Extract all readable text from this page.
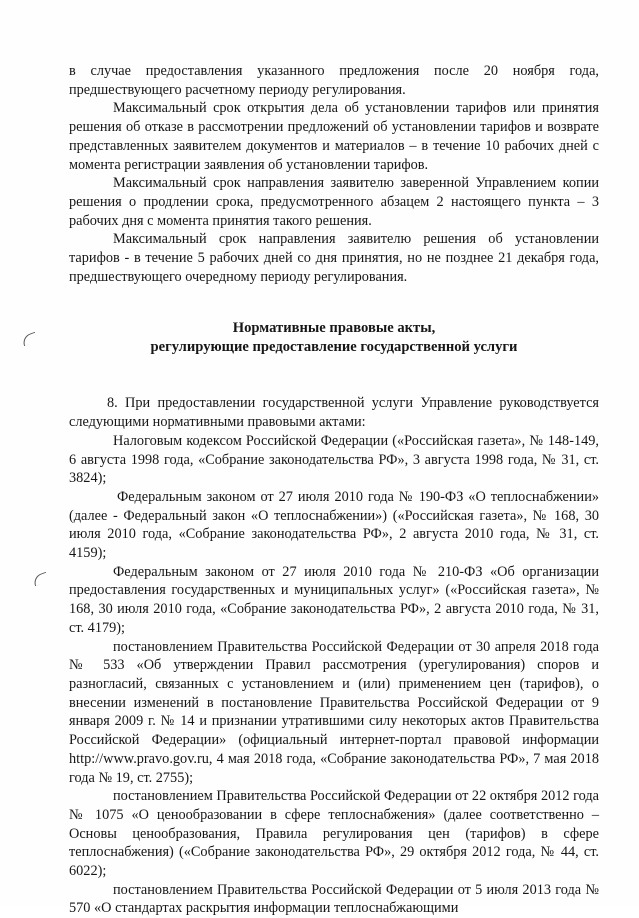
в случае предоставления указанного предложения после 20 ноября года, предшествующего расчетному периоду регулирования.

Максимальный срок открытия дела об установлении тарифов или принятия решения об отказе в рассмотрении предложений об установлении тарифов и возврате представленных заявителем документов и материалов – в течение 10 рабочих дней с момента регистрации заявления об установлении тарифов.

Максимальный срок направления заявителю заверенной Управлением копии решения о продлении срока, предусмотренного абзацем 2 настоящего пункта – 3 рабочих дня с момента принятия такого решения.

Максимальный срок направления заявителю решения об установлении тарифов - в течение 5 рабочих дней со дня принятия, но не позднее 21 декабря года, предшествующего очередному периоду регулирования.

Нормативные правовые акты,
регулирующие предоставление государственной услуги

8. При предоставлении государственной услуги Управление руководствуется следующими нормативными правовыми актами:

Налоговым кодексом Российской Федерации («Российская газета», № 148-149, 6 августа 1998 года, «Собрание законодательства РФ», 3 августа 1998 года, № 31, ст. 3824);

Федеральным законом от 27 июля 2010 года № 190-ФЗ «О теплоснабжении» (далее - Федеральный закон «О теплоснабжении») («Российская газета», № 168, 30 июля 2010 года, «Собрание законодательства РФ», 2 августа 2010 года, № 31, ст. 4159);

Федеральным законом от 27 июля 2010 года № 210-ФЗ «Об организации предоставления государственных и муниципальных услуг» («Российская газета», № 168, 30 июля 2010 года, «Собрание законодательства РФ», 2 августа 2010 года, № 31, ст. 4179);

постановлением Правительства Российской Федерации от 30 апреля 2018 года № 533 «Об утверждении Правил рассмотрения (урегулирования) споров и разногласий, связанных с установлением и (или) применением цен (тарифов), о внесении изменений в постановление Правительства Российской Федерации от 9 января 2009 г. № 14 и признании утратившими силу некоторых актов Правительства Российской Федерации» (официальный интернет-портал правовой информации http://www.pravo.gov.ru, 4 мая 2018 года, «Собрание законодательства РФ», 7 мая 2018 года № 19, ст. 2755);

постановлением Правительства Российской Федерации от 22 октября 2012 года № 1075 «О ценообразовании в сфере теплоснабжения» (далее соответственно – Основы ценообразования, Правила регулирования цен (тарифов) в сфере теплоснабжения) («Собрание законодательства РФ», 29 октября 2012 года, № 44, ст. 6022);

постановлением Правительства Российской Федерации от 5 июля 2013 года № 570 «О стандартах раскрытия информации теплоснабжающими
